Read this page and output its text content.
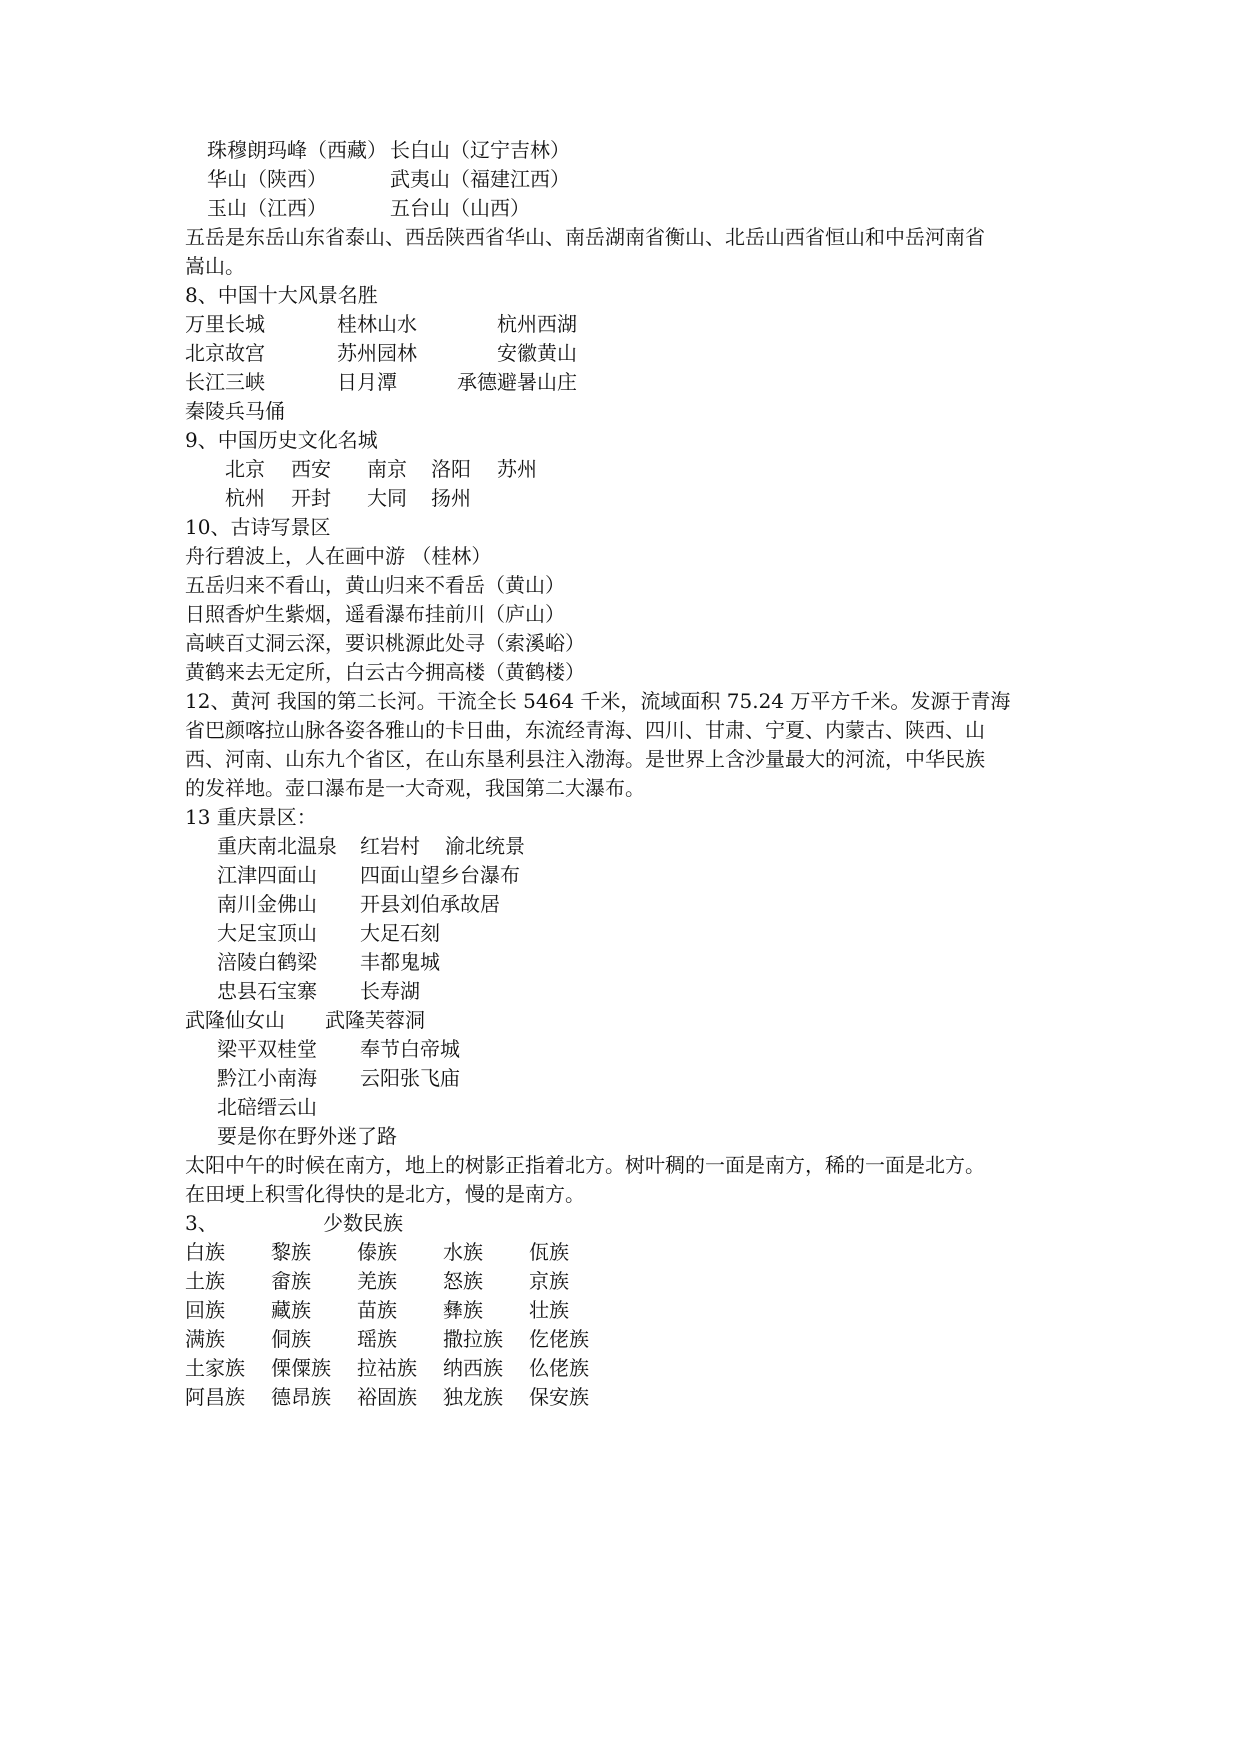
珠穆朗玛峰（西藏） 长白山（辽宁吉林）
华山（陕西）	武夷山（福建江西）
玉山（江西）	五台山（山西）
五岳是东岳山东省泰山、西岳陕西省华山、南岳湖南省衡山、北岳山西省恒山和中岳河南省
嵩山。
8、中国十大风景名胜
万里长城	桂林山水	杭州西湖
北京故宫	苏州园林	安徽黄山
长江三峡	日月潭	承德避暑山庄
秦陵兵马俑
9、中国历史文化名城
北京 西安 南京 洛阳 苏州
杭州 开封 大同 扬州
10、古诗写景区
舟行碧波上，人在画中游 （桂林）
五岳归来不看山，黄山归来不看岳（黄山）
日照香炉生紫烟，遥看瀑布挂前川（庐山）
高峡百丈洞云深，要识桃源此处寻（索溪峪）
黄鹤来去无定所，白云古今拥高楼（黄鹤楼）
12、黄河 我国的第二长河。干流全长 5464 千米，流域面积 75.24 万平方千米。发源于青海
省巴颜喀拉山脉各姿各雅山的卡日曲，东流经青海、四川、甘肃、宁夏、内蒙古、陕西、山
西、河南、山东九个省区，在山东垦利县注入渤海。是世界上含沙量最大的河流，中华民族
的发祥地。壶口瀑布是一大奇观，我国第二大瀑布。
13 重庆景区：
重庆南北温泉 红岩村 渝北统景
江津四面山 四面山望乡台瀑布
南川金佛山 开县刘伯承故居
大足宝顶山 大足石刻
涪陵白鹤梁 丰都鬼城
忠县石宝寨 长寿湖
武隆仙女山 武隆芙蓉洞
梁平双桂堂 奉节白帝城
黔江小南海 云阳张飞庙
北碚缙云山
要是你在野外迷了路
太阳中午的时候在南方，地上的树影正指着北方。树叶稠的一面是南方，稀的一面是北方。
在田埂上积雪化得快的是北方，慢的是南方。
3、	少数民族
白族 黎族 傣族 水族 佤族
土族 畲族 羌族 怒族 京族
回族 藏族 苗族 彝族 壮族
满族 侗族 瑶族 撒拉族 仡佬族
土家族 傈僳族 拉祜族 纳西族 仫佬族
阿昌族 德昂族 裕固族 独龙族 保安族
